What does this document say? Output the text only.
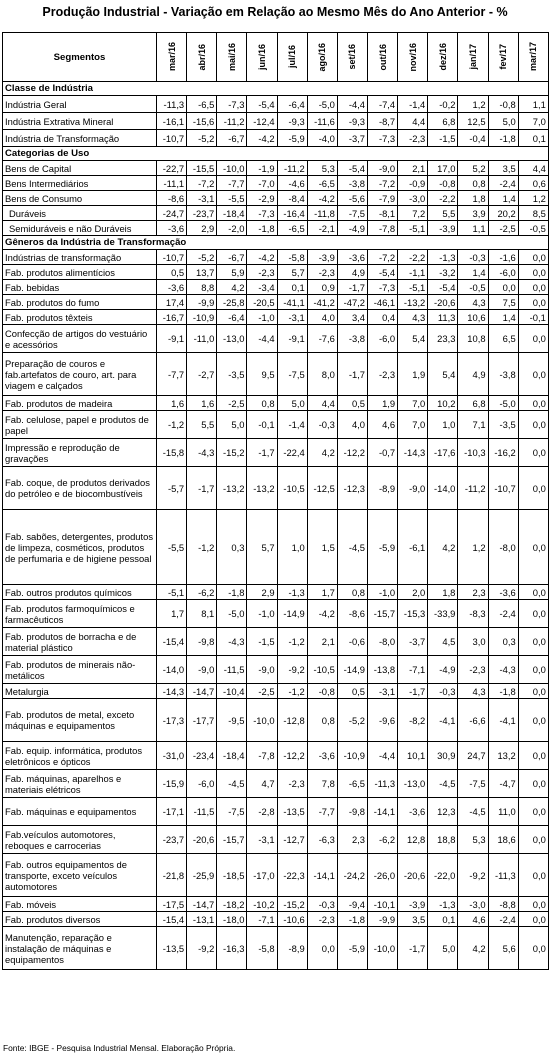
Produção Industrial - Variação em Relação ao Mesmo Mês do Ano Anterior - %
Segmentos	mar/16	abr/16	mai/16	jun/16	jul/16	ago/16	set/16	out/16	nov/16	dez/16	jan/17	fev/17	mar/17

Classe de Indústria													
Indústria Geral	-11,3	-6,5	-7,3	-5,4	-6,4	-5,0	-4,4	-7,4	-1,4	-0,2	1,2	-0,8	1,1
Indústria Extrativa Mineral	-16,1	-15,6	-11,2	-12,4	-9,3	-11,6	-9,3	-8,7	4,4	6,8	12,5	5,0	7,0
Indústria de Transformação	-10,7	-5,2	-6,7	-4,2	-5,9	-4,0	-3,7	-7,3	-2,3	-1,5	-0,4	-1,8	0,1
Categorias de Uso													
Bens de Capital	-22,7	-15,5	-10,0	-1,9	-11,2	5,3	-5,4	-9,0	2,1	17,0	5,2	3,5	4,4
Bens Intermediários	-11,1	-7,2	-7,7	-7,0	-4,6	-6,5	-3,8	-7,2	-0,9	-0,8	0,8	-2,4	0,6
Bens de Consumo	-8,6	-3,1	-5,5	-2,9	-8,4	-4,2	-5,6	-7,9	-3,0	-2,2	1,8	1,4	1,2
Duráveis	-24,7	-23,7	-18,4	-7,3	-16,4	-11,8	-7,5	-8,1	7,2	5,5	3,9	20,2	8,5
Semiduráveis e não Duráveis	-3,6	2,9	-2,0	-1,8	-6,5	-2,1	-4,9	-7,8	-5,1	-3,9	1,1	-2,5	-0,5
Gêneros da Indústria de Transformação													
Indústrias de transformação	-10,7	-5,2	-6,7	-4,2	-5,8	-3,9	-3,6	-7,2	-2,2	-1,3	-0,3	-1,6	0,0
Fab. produtos alimentícios	0,5	13,7	5,9	-2,3	5,7	-2,3	4,9	-5,4	-1,1	-3,2	1,4	-6,0	0,0
Fab. bebidas	-3,6	8,8	4,2	-3,4	0,1	0,9	-1,7	-7,3	-5,1	-5,4	-0,5	0,0	0,0
Fab. produtos do fumo	17,4	-9,9	-25,8	-20,5	-41,1	-41,2	-47,2	-46,1	-13,2	-20,6	4,3	7,5	0,0
Fab. produtos têxteis	-16,7	-10,9	-6,4	-1,0	-3,1	4,0	3,4	0,4	4,3	11,3	10,6	1,4	-0,1
Confecção de artigos do vestuário e acessórios	-9,1	-11,0	-13,0	-4,4	-9,1	-7,6	-3,8	-6,0	5,4	23,3	10,8	6,5	0,0
Preparação de couros e fab.artefatos de couro, art. para viagem e calçados	-7,7	-2,7	-3,5	9,5	-7,5	8,0	-1,7	-2,3	1,9	5,4	4,9	-3,8	0,0
Fab. produtos de madeira	1,6	1,6	-2,5	0,8	5,0	4,4	0,5	1,9	7,0	10,2	6,8	-5,0	0,0
Fab. celulose, papel e produtos de papel	-1,2	5,5	5,0	-0,1	-1,4	-0,3	4,0	4,6	7,0	1,0	7,1	-3,5	0,0
Impressão e reprodução de gravações	-15,8	-4,3	-15,2	-1,7	-22,4	4,2	-12,2	-0,7	-14,3	-17,6	-10,3	-16,2	0,0
Fab. coque, de produtos derivados do petróleo e de biocombustíveis	-5,7	-1,7	-13,2	-13,2	-10,5	-12,5	-12,3	-8,9	-9,0	-14,0	-11,2	-10,7	0,0
Fab. sabões, detergentes, produtos de limpeza, cosméticos, produtos de perfumaria e de higiene pessoal	-5,5	-1,2	0,3	5,7	1,0	1,5	-4,5	-5,9	-6,1	4,2	1,2	-8,0	0,0
Fab. outros produtos químicos	-5,1	-6,2	-1,8	2,9	-1,3	1,7	0,8	-1,0	2,0	1,8	2,3	-3,6	0,0
Fab. produtos farmoquímicos e farmacêuticos	1,7	8,1	-5,0	-1,0	-14,9	-4,2	-8,6	-15,7	-15,3	-33,9	-8,3	-2,4	0,0
Fab. produtos de borracha e de material plástico	-15,4	-9,8	-4,3	-1,5	-1,2	2,1	-0,6	-8,0	-3,7	4,5	3,0	0,3	0,0
Fab. produtos de minerais não-metálicos	-14,0	-9,0	-11,5	-9,0	-9,2	-10,5	-14,9	-13,8	-7,1	-4,9	-2,3	-4,3	0,0
Metalurgia	-14,3	-14,7	-10,4	-2,5	-1,2	-0,8	0,5	-3,1	-1,7	-0,3	4,3	-1,8	0,0
Fab. produtos de metal, exceto máquinas e equipamentos	-17,3	-17,7	-9,5	-10,0	-12,8	0,8	-5,2	-9,6	-8,2	-4,1	-6,6	-4,1	0,0
Fab. equip. informática, produtos eletrônicos e ópticos	-31,0	-23,4	-18,4	-7,8	-12,2	-3,6	-10,9	-4,4	10,1	30,9	24,7	13,2	0,0
Fab. máquinas, aparelhos e materiais elétricos	-15,9	-6,0	-4,5	4,7	-2,3	7,8	-6,5	-11,3	-13,0	-4,5	-7,5	-4,7	0,0
Fab. máquinas e equipamentos	-17,1	-11,5	-7,5	-2,8	-13,5	-7,7	-9,8	-14,1	-3,6	12,3	-4,5	11,0	0,0
Fab.veículos automotores, reboques e carrocerias	-23,7	-20,6	-15,7	-3,1	-12,7	-6,3	2,3	-6,2	12,8	18,8	5,3	18,6	0,0
Fab. outros equipamentos de transporte, exceto veículos automotores	-21,8	-25,9	-18,5	-17,0	-22,3	-14,1	-24,2	-26,0	-20,6	-22,0	-9,2	-11,3	0,0
Fab. móveis	-17,5	-14,7	-18,2	-10,2	-15,2	-0,3	-9,4	-10,1	-3,9	-1,3	-3,0	-8,8	0,0
Fab. produtos diversos	-15,4	-13,1	-18,0	-7,1	-10,6	-2,3	-1,8	-9,9	3,5	0,1	4,6	-2,4	0,0
Manutenção, reparação e instalação de máquinas e equipamentos	-13,5	-9,2	-16,3	-5,8	-8,9	0,0	-5,9	-10,0	-1,7	5,0	4,2	5,6	0,0
Fonte: IBGE - Pesquisa Industrial Mensal. Elaboração Própria.
